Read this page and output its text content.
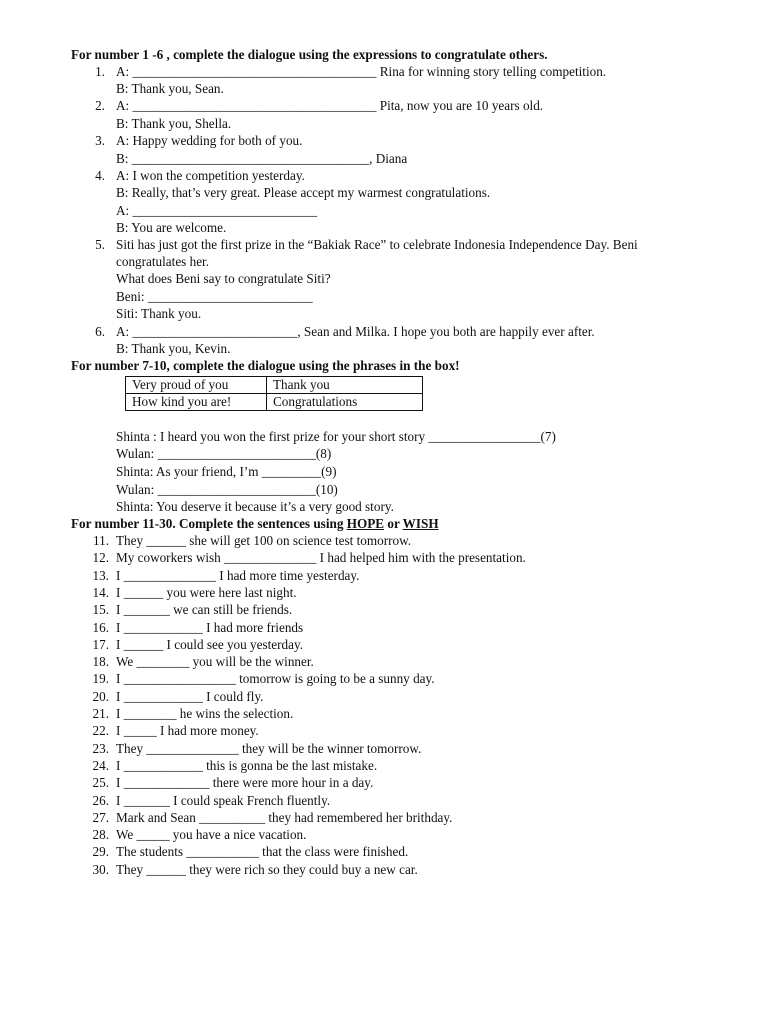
For number 1 -6 , complete the dialogue using the expressions to congratulate others.
1. A: _____________________________________ Rina for winning story telling competition.
B: Thank you, Sean.
2. A: _____________________________________ Pita, now you are 10 years old.
B: Thank you, Shella.
3. A: Happy wedding for both of you.
B: ____________________________________, Diana
4. A: I won the competition yesterday.
B: Really, that’s very great. Please accept my warmest congratulations.
A: ____________________________
B: You are welcome.
5. Siti has just got the first prize in the “Bakiak Race” to celebrate Indonesia Independence Day. Beni
congratulates her.
What does Beni say to congratulate Siti?
Beni: _________________________
Siti: Thank you.
6. A: _________________________, Sean and Milka. I hope you both are happily ever after.
B: Thank you, Kevin.
For number 7-10, complete the dialogue using the phrases in the box!
Very proud of you	Thank you
How kind you are!	Congratulations
Shinta : I heard you won the first prize for your short story _________________(7)
Wulan: ________________________(8)
Shinta: As your friend, I’m _________(9)
Wulan: ________________________(10)
Shinta: You deserve it because it’s a very good story.
For number 11-30. Complete the sentences using HOPE or WISH
11. They ______ she will get 100 on science test tomorrow.
12. My coworkers wish ______________ I had helped him with the presentation.
13. I ______________ I had more time yesterday.
14. I ______ you were here last night.
15. I _______ we can still be friends.
16. I ____________ I had more friends
17. I ______ I could see you yesterday.
18. We ________ you will be the winner.
19. I _________________ tomorrow is going to be a sunny day.
20. I ____________ I could fly.
21. I ________ he wins the selection.
22. I _____ I had more money.
23. They ______________ they will be the winner tomorrow.
24. I ____________ this is gonna be the last mistake.
25. I _____________ there were more hour in a day.
26. I _______ I could speak French fluently.
27. Mark and Sean __________ they had remembered her brithday.
28. We _____ you have a nice vacation.
29. The students ___________ that the class were finished.
30. They ______ they were rich so they could buy a new car.
